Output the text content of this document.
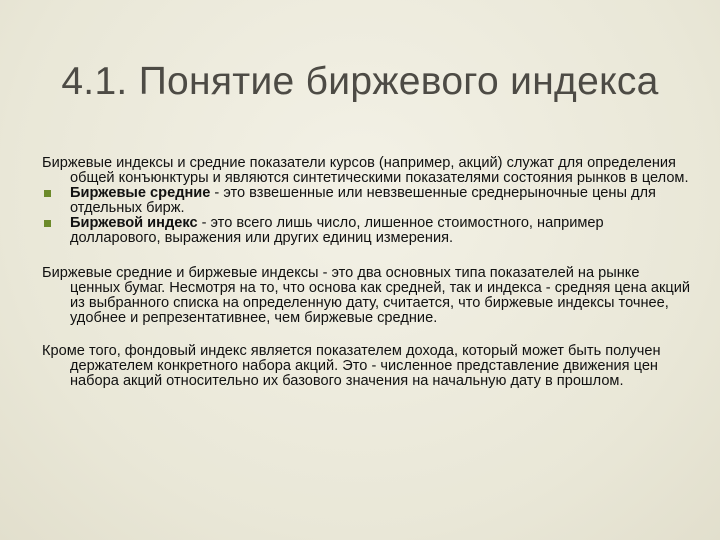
4.1. Понятие биржевого индекса

Биржевые индексы и средние показатели курсов (например, акций) служат для определения общей конъюнктуры и являются синтетическими показателями состояния рынков в целом.

Биржевые средние - это взвешенные или невзвешенные среднерыночные цены для отдельных бирж.
Биржевой индекс - это всего лишь число, лишенное стоимостного, например долларового, выражения или других единиц измерения.

Биржевые средние и биржевые индексы - это два основных типа показателей на рынке ценных бумаг. Несмотря на то, что основа как средней, так и индекса - средняя цена акций из выбранного списка на определенную дату, считается, что биржевые индексы точнее, удобнее и репрезентативнее, чем биржевые средние.

Кроме того, фондовый индекс является показателем дохода, который может быть получен держателем конкретного набора акций. Это - численное представление движения цен набора акций относительно их базового значения на начальную дату в прошлом.
